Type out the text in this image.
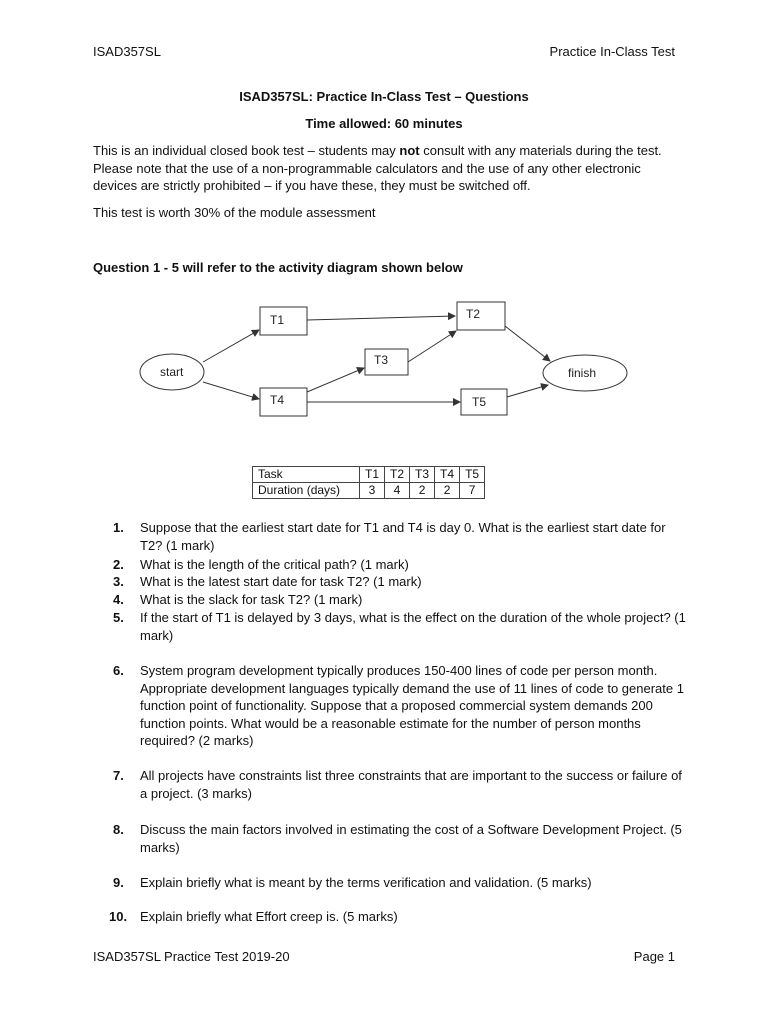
ISAD357SL	Practice In-Class Test
ISAD357SL: Practice In-Class Test – Questions
Time allowed: 60 minutes
This is an individual closed book test – students may not consult with any materials during the test. Please note that the use of a non-programmable calculators and the use of any other electronic devices are strictly prohibited – if you have these, they must be switched off.
This test is worth 30% of the module assessment
Question 1 - 5 will refer to the activity diagram shown below
start
T1	T2
T3
T4	T5
finish
Task	T1	T2	T3	T4	T5
Duration (days)	3	4	2	2	7
1. Suppose that the earliest start date for T1 and T4 is day 0. What is the earliest start date for T2? (1 mark)
2. What is the length of the critical path? (1 mark)
3. What is the latest start date for task T2? (1 mark)
4. What is the slack for task T2? (1 mark)
5. If the start of T1 is delayed by 3 days, what is the effect on the duration of the whole project? (1 mark)
6. System program development typically produces 150-400 lines of code per person month. Appropriate development languages typically demand the use of 11 lines of code to generate 1 function point of functionality. Suppose that a proposed commercial system demands 200 function points. What would be a reasonable estimate for the number of person months required? (2 marks)
7. All projects have constraints list three constraints that are important to the success or failure of a project. (3 marks)
8. Discuss the main factors involved in estimating the cost of a Software Development Project. (5 marks)
9. Explain briefly what is meant by the terms verification and validation. (5 marks)
10. Explain briefly what Effort creep is. (5 marks)
ISAD357SL Practice Test 2019-20	Page 1
